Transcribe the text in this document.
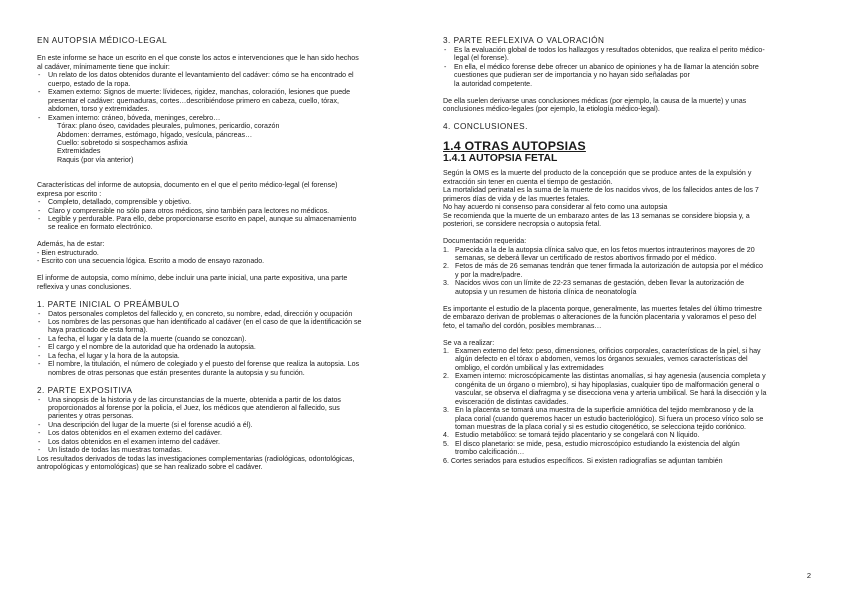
EN AUTOPSIA MÉDICO-LEGAL
En este informe se hace un escrito en el que conste los actos e intervenciones que le han sido hechos
al cadáver, mínimamente tiene que incluir:
- Un relato de los datos obtenidos durante el levantamiento del cadáver: cómo se ha encontrado el
cuerpo, estado de la ropa.
- Examen externo: Signos de muerte: lívideces, rigidez, manchas, coloración, lesiones que puede
presentar el cadáver: quemaduras, cortes…describiéndose primero en cabeza, cuello, tórax,
abdomen, torso y extremidades.
- Examen interno: cráneo, bóveda, meninges, cerebro…
Tórax: plano óseo, cavidades pleurales, pulmones, pericardio, corazón
Abdomen: derrames, estómago, hígado, vesícula, páncreas…
Cuello: sobretodo si sospechamos asfixia
Extremidades
Raquis (por vía anterior)
Características del informe de autopsia, documento en el que el perito médico-legal (el forense)
expresa por escrito :
- Completo, detallado, comprensible y objetivo.
- Claro y comprensible no sólo para otros médicos, sino también para lectores no médicos.
- Legible y perdurable. Para ello, debe proporcionarse escrito en papel, aunque su almacenamiento
se realice en formato electrónico.
Además, ha de estar:
- Bien estructurado.
- Escrito con una secuencia lógica. Escrito a modo de ensayo razonado.
El informe de autopsia, como mínimo, debe incluir una parte inicial, una parte expositiva, una parte
reflexiva y unas conclusiones.
1. PARTE INICIAL O PREÁMBULO
- Datos personales completos del fallecido y, en concreto, su nombre, edad, dirección y ocupación
- Los nombres de las personas que han identificado al cadáver (en el caso de que la identificación se
haya practicado de esta forma).
- La fecha, el lugar y la data de la muerte (cuando se conozcan).
- El cargo y el nombre de la autoridad que ha ordenado la autopsia.
- La fecha, el lugar y la hora de la autopsia.
- El nombre, la titulación, el número de colegiado y el puesto del forense que realiza la autopsia. Los
nombres de otras personas que están presentes durante la autopsia y su función.
2. PARTE EXPOSITIVA
- Una sinopsis de la historia y de las circunstancias de la muerte, obtenida a partir de los datos
proporcionados al forense por la policía, el Juez, los médicos que atendieron al fallecido, sus
parientes y otras personas.
- Una descripción del lugar de la muerte (si el forense acudió a él).
- Los datos obtenidos en el examen externo del cadáver.
- Los datos obtenidos en el examen interno del cadáver.
- Un listado de todas las muestras tomadas.
Los resultados derivados de todas las investigaciones complementarias (radiológicas, odontológicas,
antropológicas y entomológicas) que se han realizado sobre el cadáver.
3. PARTE REFLEXIVA O VALORACIÓN
- Es la evaluación global de todos los hallazgos y resultados obtenidos, que realiza el perito médico-
legal (el forense).
- En ella, el médico forense debe ofrecer un abanico de opiniones y ha de llamar la atención sobre
cuestiones que pudieran ser de importancia y no hayan sido señaladas por
la autoridad competente.
De ella suelen derivarse unas conclusiones médicas (por ejemplo, la causa de la muerte) y unas
conclusiones médico-legales (por ejemplo, la etiología médico-legal).
4. CONCLUSIONES.
1.4 OTRAS AUTOPSIAS
1.4.1 AUTOPSIA FETAL
Según la OMS es la muerte del producto de la concepción que se produce antes de la expulsión y
extracción sin tener en cuenta el tiempo de gestación.
La mortalidad perinatal es la suma de la muerte de los nacidos vivos, de los fallecidos antes de los 7
primeros días de vida y de las muertes fetales.
No hay acuerdo ni consenso para considerar al feto como una autopsia
Se recomienda que la muerte de un embarazo antes de las 13 semanas se considere biopsia y, a
posteriori, se considere necropsia o autopsia fetal.
Documentación requerida:
1. Parecida a la de la autopsia clínica salvo que, en los fetos muertos intrauterinos mayores de 20
semanas, se deberá llevar un certificado de restos abortivos firmado por el médico.
2. Fetos de más de 26 semanas tendrán que tener firmada la autorización de autopsia por el médico
y por la madre/padre.
3. Nacidos vivos con un límite de 22-23 semanas de gestación, deben llevar la autorización de
autopsia y un resumen de historia clínica de neonatología
Es importante el estudio de la placenta porque, generalmente, las muertes fetales del último trimestre
de embarazo derivan de problemas o alteraciones de la función placentaria y valoramos el peso del
feto, el tamaño del cordón, posibles membranas…
Se va a realizar:
1. Examen externo del feto: peso, dimensiones, orificios corporales, características de la piel, si hay
algún defecto en el tórax o abdomen, vemos los órganos sexuales, vemos características del
ombligo, el cordón umbilical y las extremidades
2. Examen interno: microscópicamente las distintas anomalías, si hay agenesia (ausencia completa y
congénita de un órgano o miembro), si hay hipoplasias, cualquier tipo de malformación general o
vascular, se observa el diafragma y se disecciona vena y arteria umbilical. Se hará la disección y la
evisceración de distintas cavidades.
3. En la placenta se tomará una muestra de la superficie amniótica del tejido membranoso y de la
placa corial (cuando queremos hacer un estudio bacteriológico). Si fuera un proceso vírico solo se
toman muestras de la placa corial y si es estudio citogenético, se selecciona tejido coriónico.
4. Estudio metabólico: se tomará tejido placentario y se congelará con N líquido.
5. El disco planetario: se mide, pesa, estudio microscópico estudiando la existencia del algún
trombo calcificación…
6. Cortes seriados para estudios específicos. Si existen radiografías se adjuntan también
2
